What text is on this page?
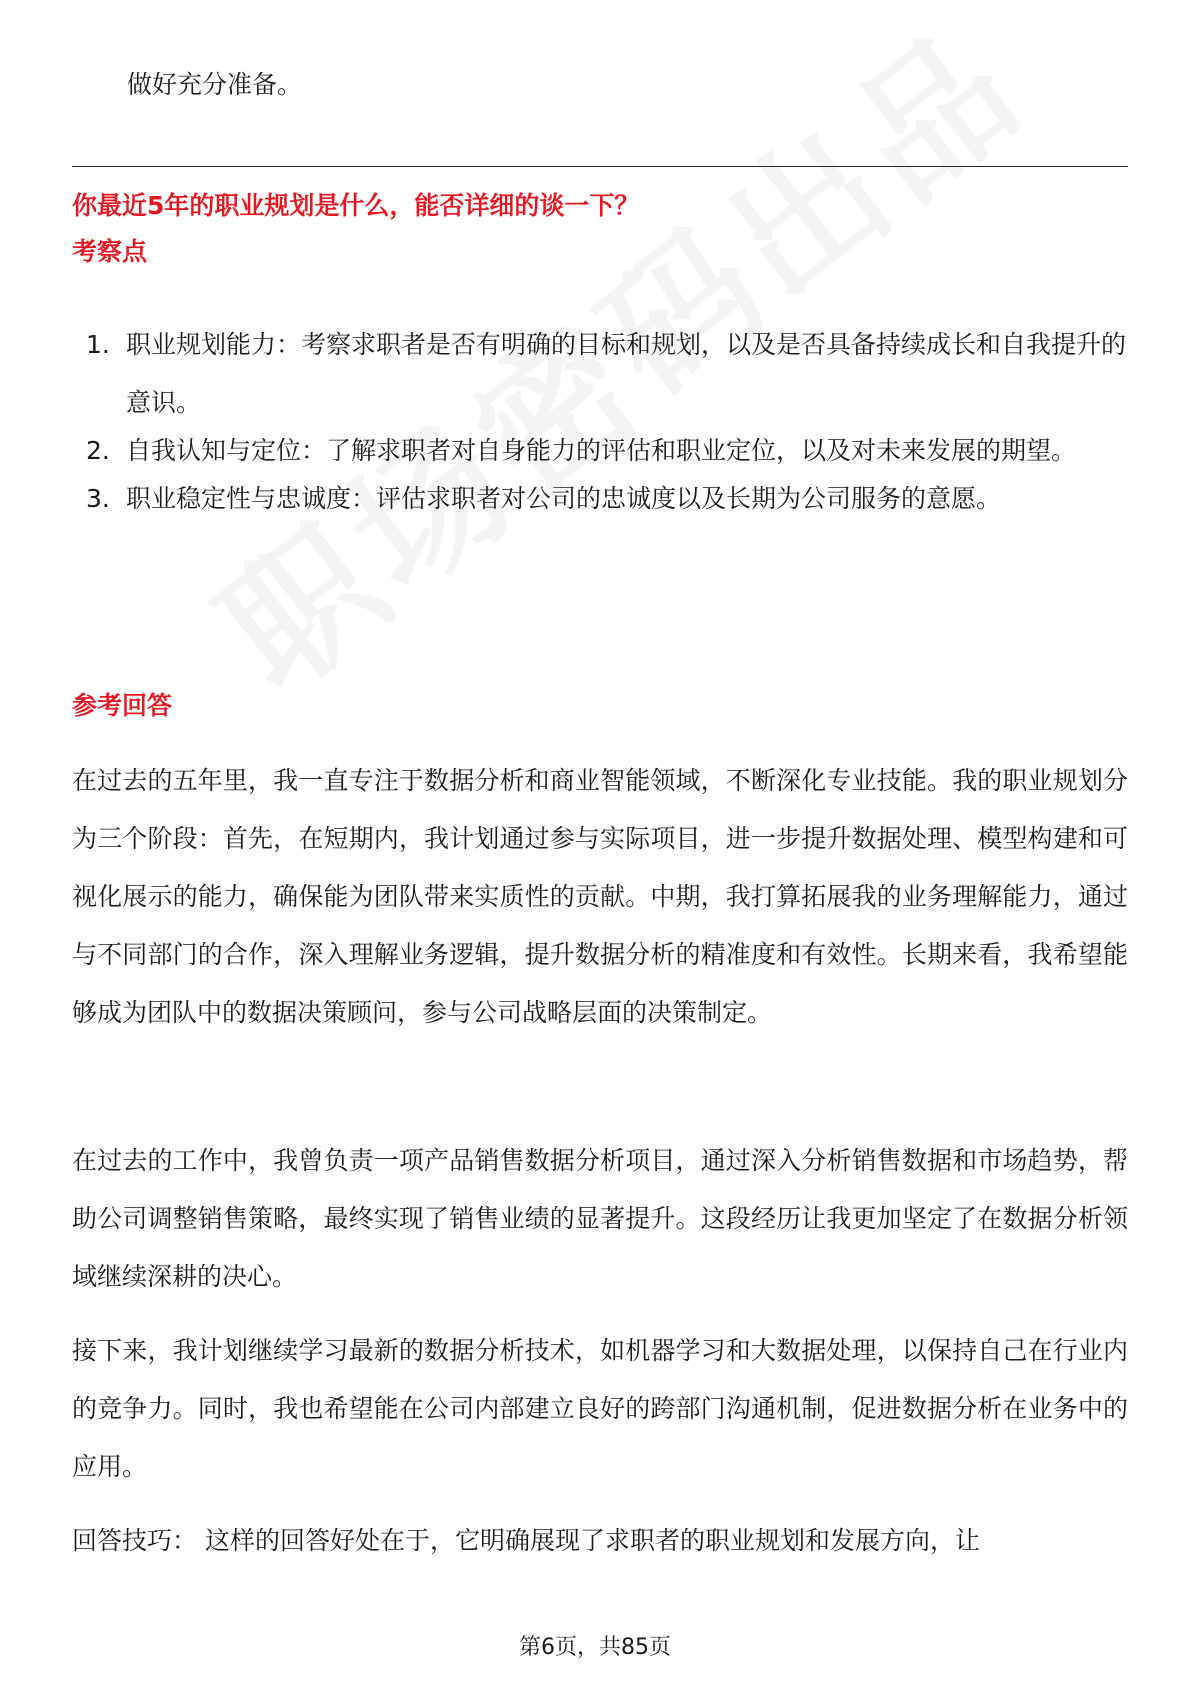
做好充分准备。

你最近5年的职业规划是什么，能否详细的谈一下？
考察点
1. 职业规划能力：考察求职者是否有明确的目标和规划，以及是否具备持续成长和自我提升的意识。
2. 自我认知与定位：了解求职者对自身能力的评估和职业定位，以及对未来发展的期望。
3. 职业稳定性与忠诚度：评估求职者对公司的忠诚度以及长期为公司服务的意愿。
参考回答

在过去的五年里，我一直专注于数据分析和商业智能领域，不断深化专业技能。我的职业规划分为三个阶段：首先，在短期内，我计划通过参与实际项目，进一步提升数据处理、模型构建和可视化展示的能力，确保能为团队带来实质性的贡献。中期，我打算拓展我的业务理解能力，通过与不同部门的合作，深入理解业务逻辑，提升数据分析的精准度和有效性。长期来看，我希望能够成为团队中的数据决策顾问，参与公司战略层面的决策制定。

在过去的工作中，我曾负责一项产品销售数据分析项目，通过深入分析销售数据和市场趋势，帮助公司调整销售策略，最终实现了销售业绩的显著提升。这段经历让我更加坚定了在数据分析领域继续深耕的决心。

接下来，我计划继续学习最新的数据分析技术，如机器学习和大数据处理，以保持自己在行业内的竞争力。同时，我也希望能在公司内部建立良好的跨部门沟通机制，促进数据分析在业务中的应用。

回答技巧： 这样的回答好处在于，它明确展现了求职者的职业规划和发展方向，让

第6页，共85页
